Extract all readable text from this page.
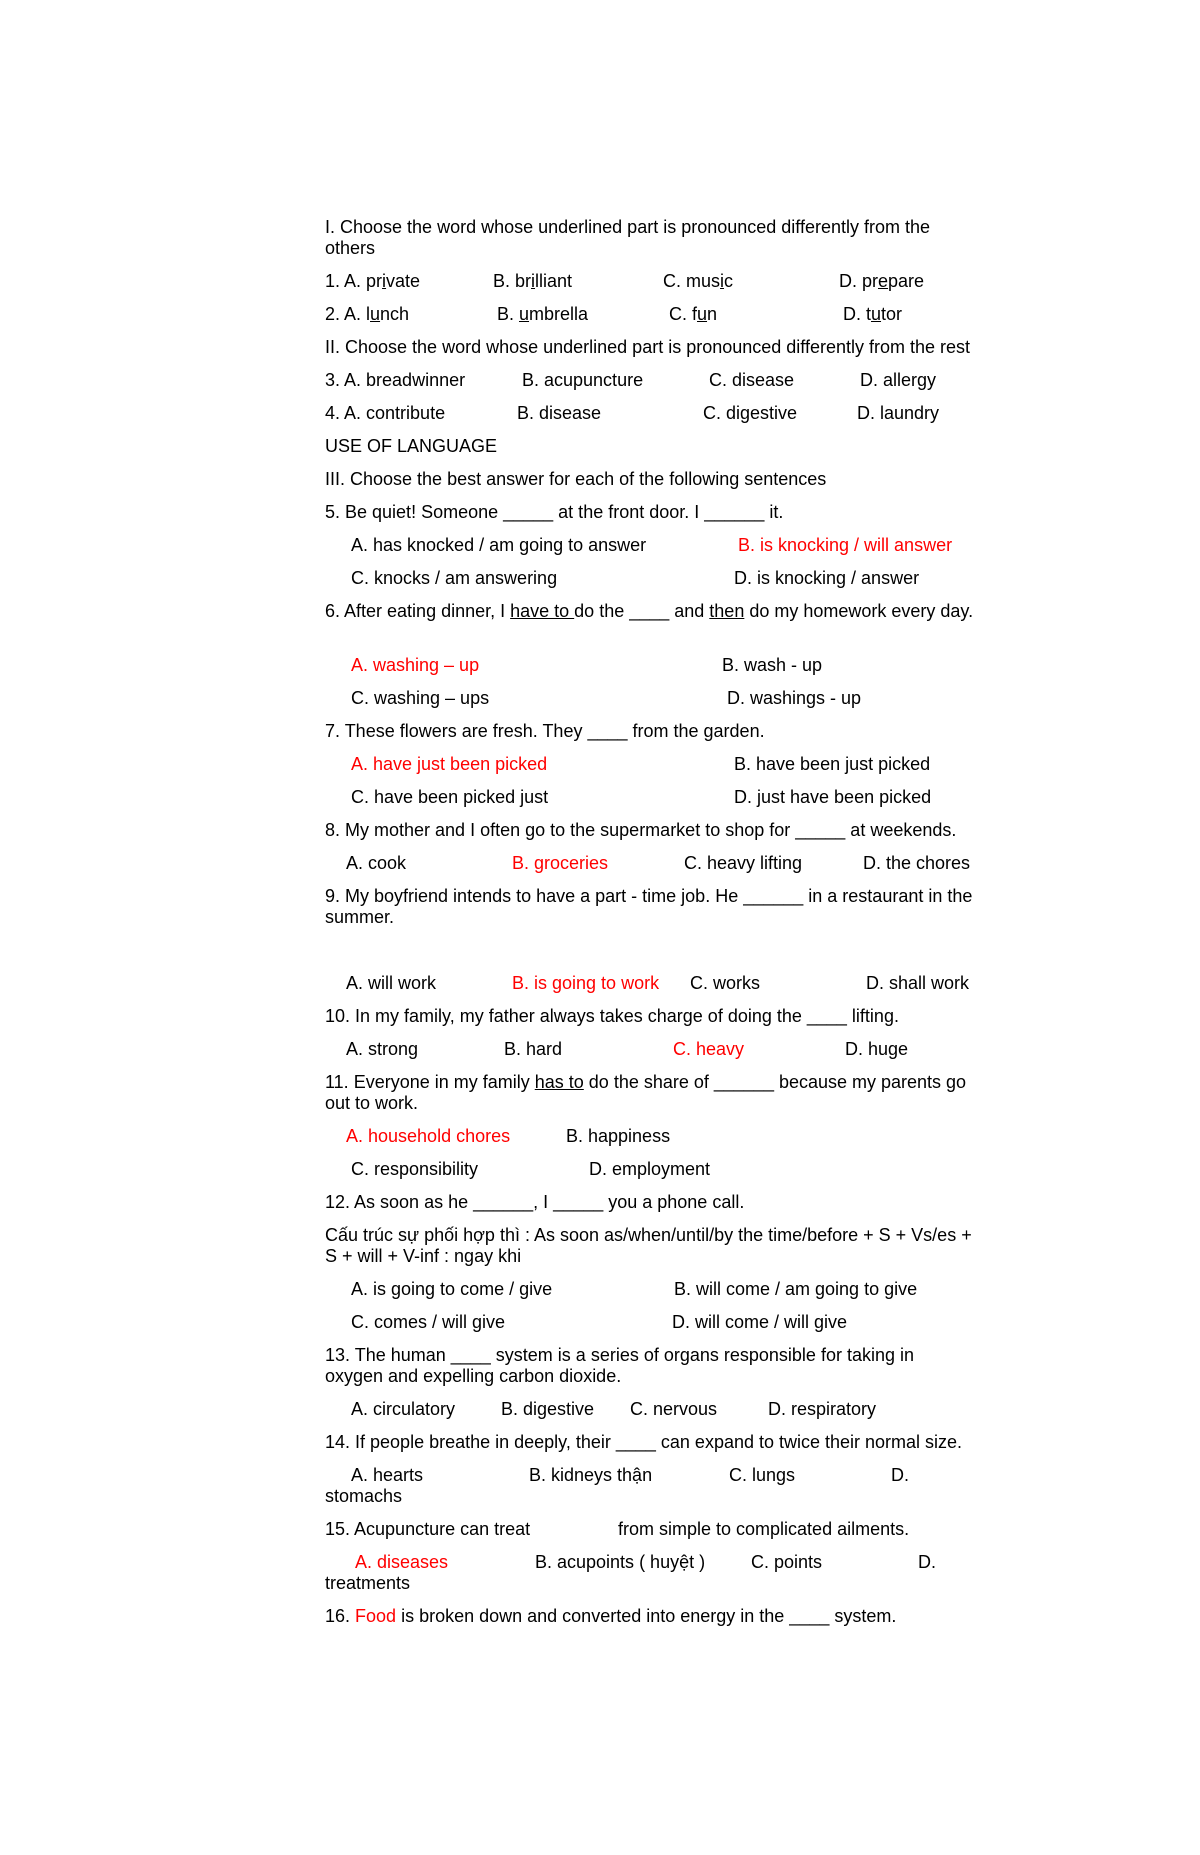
I. Choose the word whose underlined part is pronounced differently from the others
1. A. private	B. brilliant	C. music	D. prepare
2. A. lunch	B. umbrella	C. fun	D. tutor
II. Choose the word whose underlined part is pronounced differently from the rest
3. A. breadwinner	B. acupuncture	C. disease	D. allergy
4. A. contribute	B. disease	C. digestive	D. laundry
USE OF LANGUAGE
III. Choose the best answer for each of the following sentences
5. Be quiet! Someone _____ at the front door. I ______ it.
A. has knocked / am going to answer	B. is knocking / will answer
C. knocks / am answering	D. is knocking / answer
6. After eating dinner, I have to do the ____ and then do my homework every day.
A. washing – up	B. wash - up
C. washing – ups	D. washings - up
7. These flowers are fresh. They ____ from the garden.
A. have just been picked	B. have been just picked
C. have been picked just	D. just have been picked
8. My mother and I often go to the supermarket to shop for _____ at weekends.
A. cook	B. groceries	C. heavy lifting	D. the chores
9. My boyfriend intends to have a part - time job. He ______ in a restaurant in the summer.
A. will work	B. is going to work C. works	D. shall work
10. In my family, my father always takes charge of doing the ____ lifting.
A. strong	B. hard	C. heavy	D. huge
11. Everyone in my family has to do the share of ______ because my parents go out to work.
A. household chores	B. happiness
C. responsibility	D. employment
12. As soon as he ______, I _____ you a phone call.
Cấu trúc sự phối hợp thì : As soon as/when/until/by the time/before + S + Vs/es + S + will + V-inf : ngay khi
A. is going to come / give	B. will come / am going to give
C. comes / will give	D. will come / will give
13. The human ____ system is a series of organs responsible for taking in oxygen and expelling carbon dioxide.
A. circulatory	B. digestive C. nervous	D. respiratory
14. If people breathe in deeply, their ____ can expand to twice their normal size.
A. hearts	B. kidneys thận	C. lungs	D.
stomachs
15. Acupuncture can treat	from simple to complicated ailments.
A. diseases	B. acupoints ( huyệt )	C. points	D.
treatments
16. Food is broken down and converted into energy in the ____ system.
